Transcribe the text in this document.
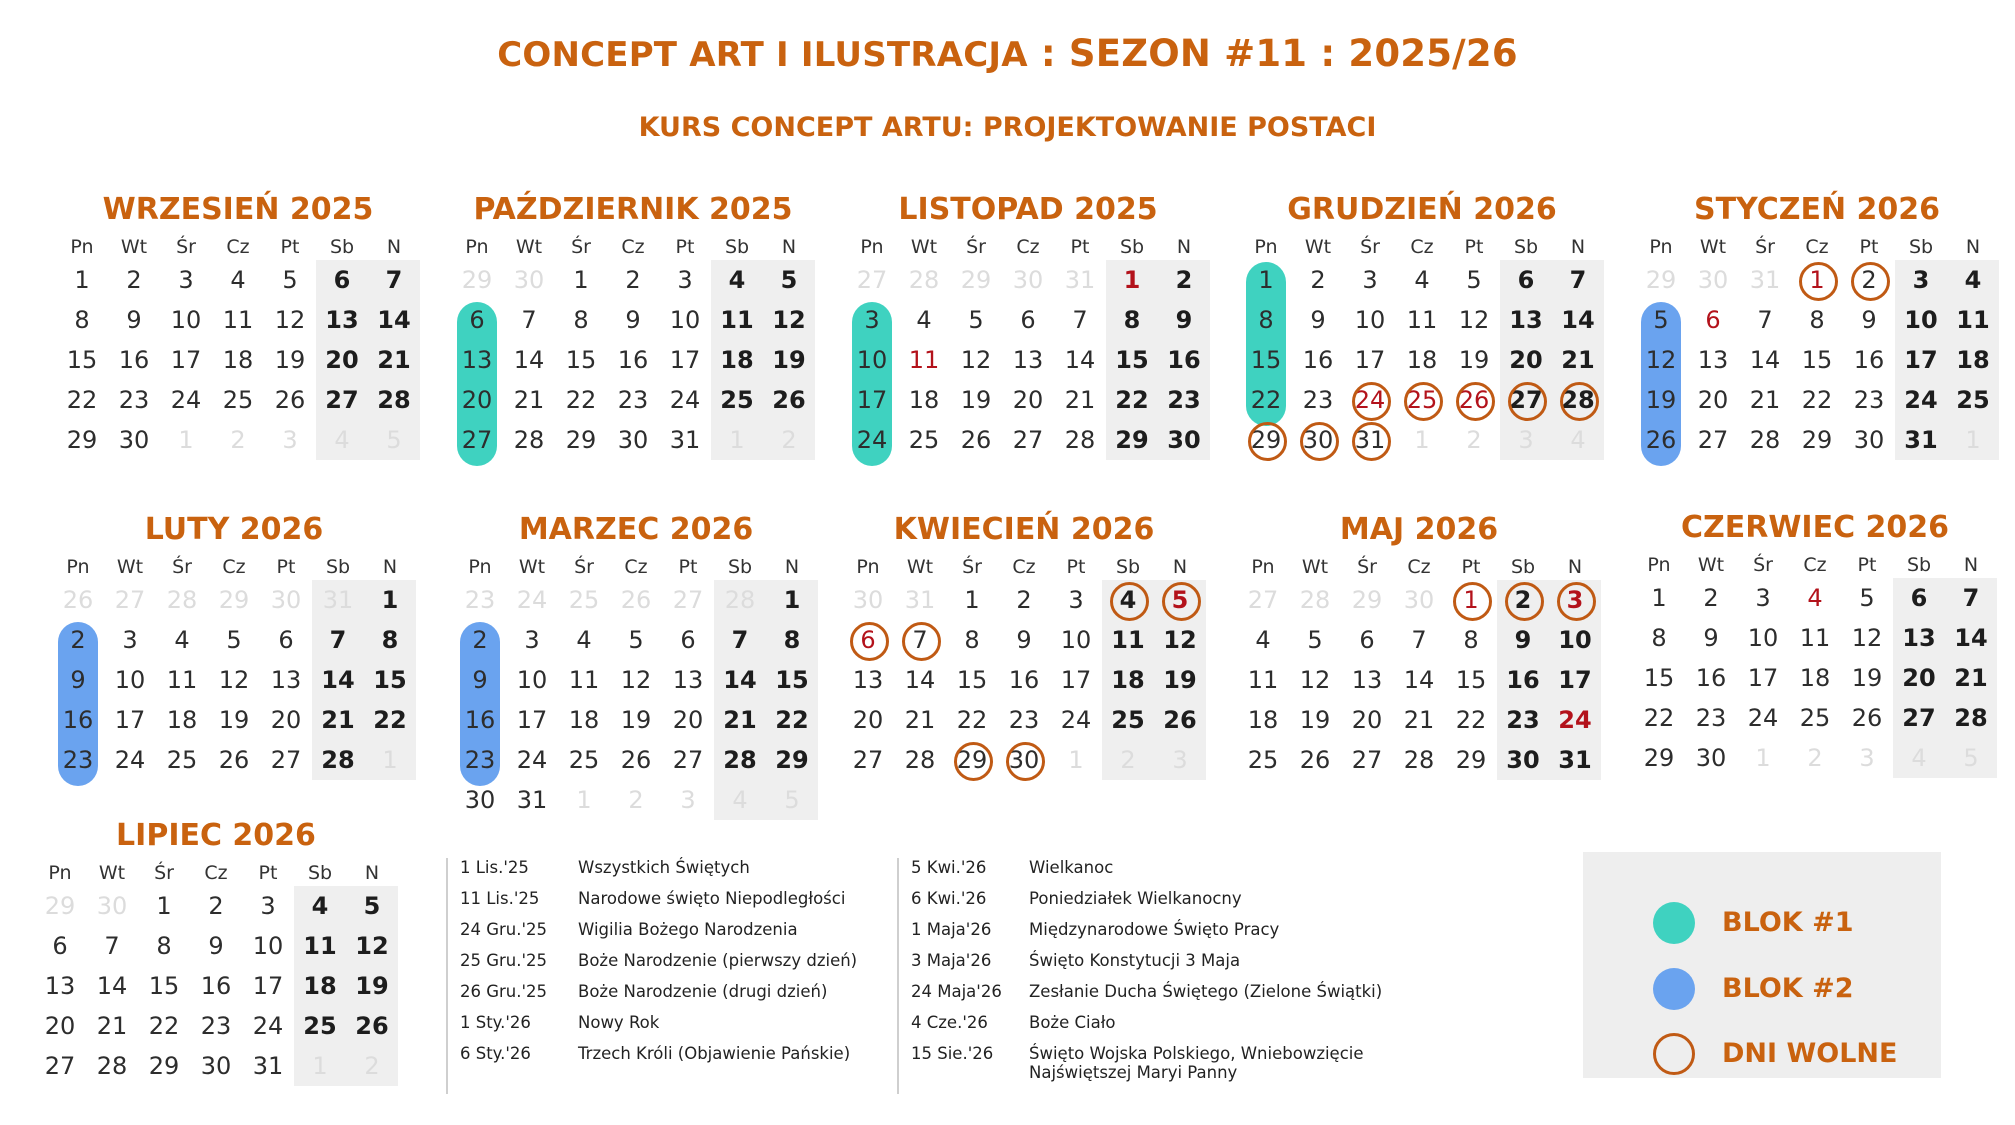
CONCEPT ART I ILUSTRACJA : SEZON #11 : 2025/26
KURS CONCEPT ARTU: PROJEKTOWANIE POSTACI
WRZESIEŃ 2025
Pn	Wt	Śr	Cz	Pt	Sb	N
1	2	3	4	5	6	7
8	9	10 11 12 13 14
15 16 17 18 19 20 21
22 23 24 25 26 27 28
29 30	1	2	3	4	5
PAŹDZIERNIK 2025
Pn	Wt	Śr	Cz	Pt	Sb	N
29 30	1	2	3	4	5
6	7	8	9	10 11 12
13 14 15 16 17 18 19
20 21 22 23 24 25 26
27 28 29 30 31	1	2
LISTOPAD 2025
Pn	Wt	Śr	Cz	Pt	Sb	N
27 28 29 30 31	1	2
3	4	5	6	7	8	9
10 11 12 13 14 15 16
17 18 19 20 21 22 23
24 25 26 27 28 29 30
GRUDZIEŃ 2026
Pn	Wt	Śr	Cz	Pt	Sb	N
1	2	3	4	5	6	7
8	9	10 11 12 13 14
15 16 17 18 19 20 21
22 23 24 25 26 27 28
29 30 31	1	2	3	4
STYCZEŃ 2026
Pn	Wt	Śr	Cz	Pt	Sb	N
29 30 31	1	2	3	4
5	6	7	8	9	10 11
12 13 14 15 16 17 18
19 20 21 22 23 24 25
26 27 28 29 30 31	1
LUTY 2026
Pn	Wt	Śr	Cz	Pt	Sb	N
26 27 28 29 30 31	1
2	3	4	5	6	7	8
9	10 11 12 13 14 15
16 17 18 19 20 21 22
23 24 25 26 27 28	1
MARZEC 2026
Pn	Wt	Śr	Cz	Pt	Sb	N
23 24 25 26 27 28	1
2	3	4	5	6	7	8
9	10 11 12 13 14 15
16 17 18 19 20 21 22
23 24 25 26 27 28 29
30 31	1	2	3	4	5
KWIECIEŃ 2026
Pn	Wt	Śr	Cz	Pt	Sb	N
30 31	1	2	3	4	5
6	7	8	9	10 11 12
13 14 15 16 17 18 19
20 21 22 23 24 25 26
27 28 29 30	1	2	3
MAJ 2026
Pn	Wt	Śr	Cz	Pt	Sb	N
27 28 29 30	1	2	3
4	5	6	7	8	9	10
11 12 13 14 15 16 17
18 19 20 21 22 23 24
25 26 27 28 29 30 31
CZERWIEC 2026
Pn	Wt	Śr	Cz	Pt	Sb	N
1	2	3	4	5	6	7
8	9	10 11 12 13 14
15 16 17 18 19 20 21
22 23 24 25 26 27 28
29 30	1	2	3	4	5
LIPIEC 2026
Pn	Wt	Śr	Cz	Pt	Sb	N
29 30	1	2	3	4	5
6	7	8	9	10 11 12
13 14 15 16 17 18 19
20 21 22 23 24 25 26
27 28 29 30 31	1	2
1 Lis.'25	Wszystkich Świętych
11 Lis.'25 Narodowe święto Niepodległości
24 Gru.'25 Wigilia Bożego Narodzenia
25 Gru.'25 Boże Narodzenie (pierwszy dzień)
26 Gru.'25 Boże Narodzenie (drugi dzień)
1 Sty.'26	Nowy Rok
6 Sty.'26	Trzech Króli (Objawienie Pańskie)
5 Kwi.'26	Wielkanoc
6 Kwi.'26	Poniedziałek Wielkanocny
1 Maja'26 Międzynarodowe Święto Pracy
3 Maja'26 Święto Konstytucji 3 Maja
24 Maja'26 Zesłanie Ducha Świętego (Zielone Świątki)
4 Cze.'26 Boże Ciało
15 Sie.'26 Święto Wojska Polskiego, Wniebowzięcie Najświętszej Maryi Panny
BLOK #1
BLOK #2
DNI WOLNE
